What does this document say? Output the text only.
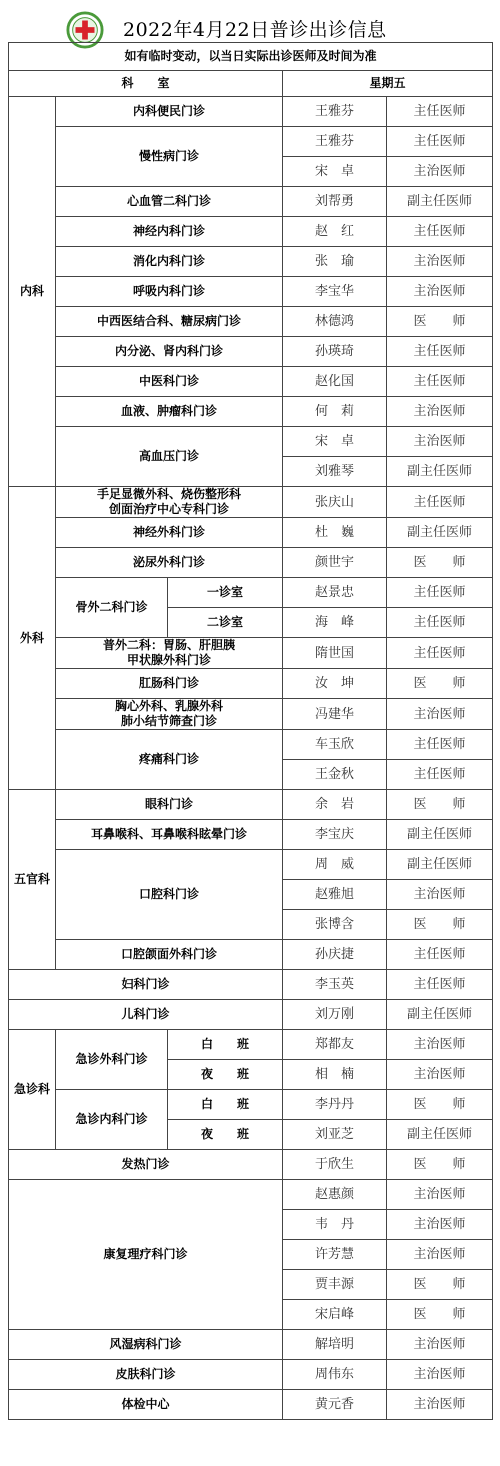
2022年4月22日普诊出诊信息
如有临时变动，以当日实际出诊医师及时间为准				
科　　室			星期五	
内科	内科便民门诊		王雅芬	主任医师
	慢性病门诊		王雅芬	主任医师
			宋　卓	主治医师
	心血管二科门诊		刘帮勇	副主任医师
	神经内科门诊		赵　红	主任医师
	消化内科门诊		张　瑜	主治医师
	呼吸内科门诊		李宝华	主治医师
	中西医结合科、糖尿病门诊		林德鸿	医　　师
	内分泌、肾内科门诊		孙瑛琦	主任医师
	中医科门诊		赵化国	主任医师
	血液、肿瘤科门诊		何　莉	主治医师
	高血压门诊		宋　卓	主治医师
			刘雅琴	副主任医师
外科	手足显微外科、烧伤整形科
创面治疗中心专科门诊		张庆山	主任医师
	神经外科门诊		杜　巍	副主任医师
	泌尿外科门诊		颜世宇	医　　师
	骨外二科门诊	一诊室	赵景忠	主任医师
		二诊室	海　峰	主任医师
	普外二科：胃肠、肝胆胰
甲状腺外科门诊		隋世国	主任医师
	肛肠科门诊		汝　坤	医　　师
	胸心外科、乳腺外科
肺小结节筛查门诊		冯建华	主治医师
	疼痛科门诊		车玉欣	主任医师
			王金秋	主任医师
五官科	眼科门诊		余　岩	医　　师
	耳鼻喉科、耳鼻喉科眩晕门诊		李宝庆	副主任医师
	口腔科门诊		周　威	副主任医师
			赵雅旭	主治医师
			张博含	医　　师
	口腔颌面外科门诊		孙庆捷	主任医师
妇科门诊			李玉英	主任医师
儿科门诊			刘万刚	副主任医师
急诊科	急诊外科门诊	白　　班	郑都友	主治医师
		夜　　班	相　楠	主治医师
	急诊内科门诊	白　　班	李丹丹	医　　师
		夜　　班	刘亚芝	副主任医师
发热门诊			于欣生	医　　师
康复理疗科门诊			赵惠颜	主治医师
			韦　丹	主治医师
			许芳慧	主治医师
			贾丰源	医　　师
			宋启峰	医　　师
风湿病科门诊			解培明	主治医师
皮肤科门诊			周伟东	主治医师
体检中心			黄元香	主治医师
